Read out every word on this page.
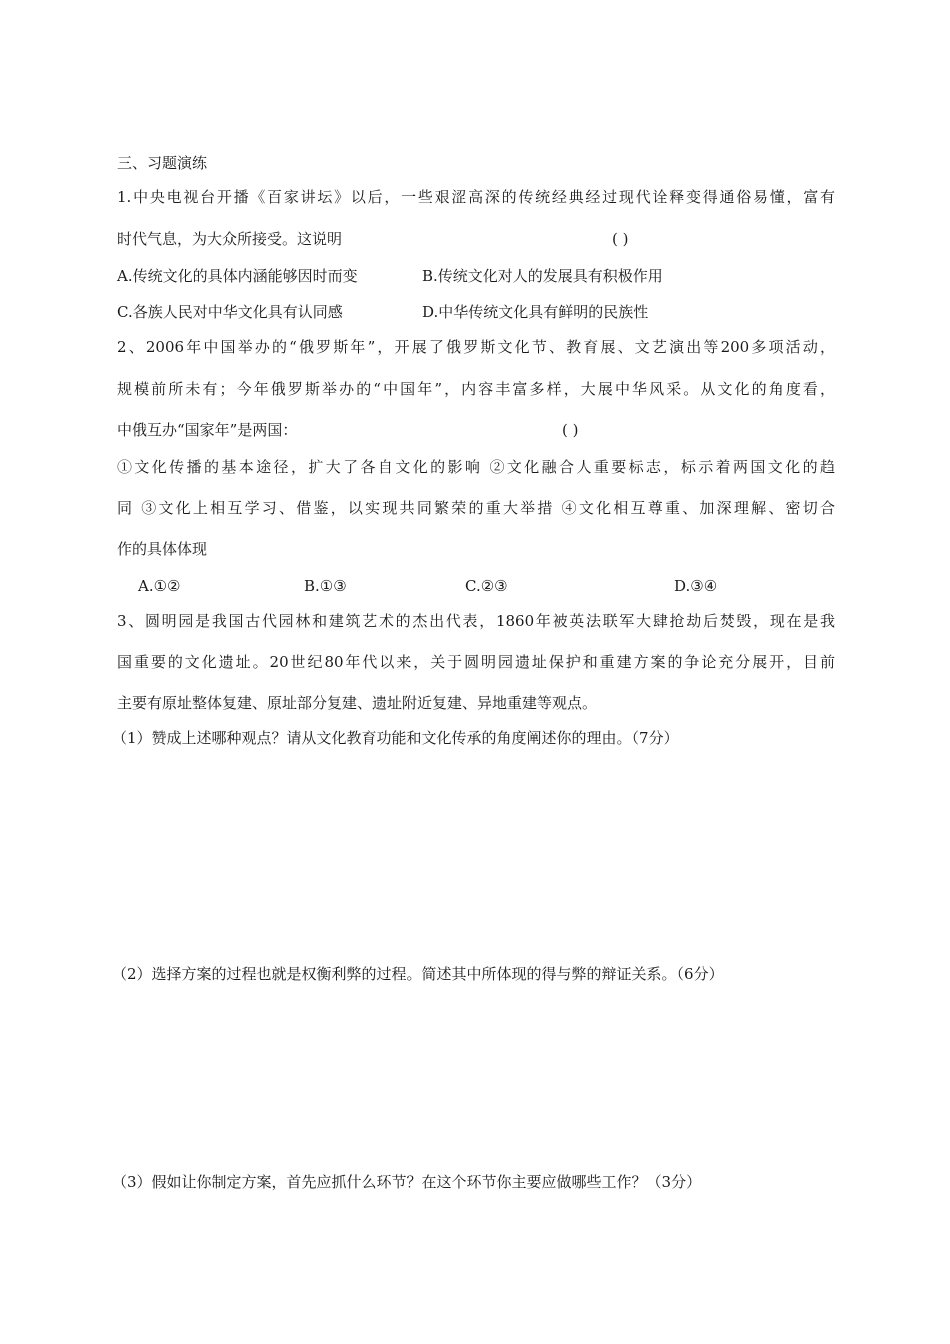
三、习题演练
1.中央电视台开播《百家讲坛》以后，一些艰涩高深的传统经典经过现代诠释变得通俗易懂，富有
时代气息，为大众所接受。这说明	( )
A.传统文化的具体内涵能够因时而变	B.传统文化对人的发展具有积极作用
C.各族人民对中华文化具有认同感	D.中华传统文化具有鲜明的民族性
2、2006年中国举办的“俄罗斯年”，开展了俄罗斯文化节、教育展、文艺演出等200多项活动，
规模前所未有；今年俄罗斯举办的“中国年”，内容丰富多样，大展中华风采。从文化的角度看，
中俄互办“国家年”是两国：	( )
①文化传播的基本途径，扩大了各自文化的影响 ②文化融合人重要标志，标示着两国文化的趋
同 ③文化上相互学习、借鉴，以实现共同繁荣的重大举措 ④文化相互尊重、加深理解、密切合
作的具体体现
A.①②	B.①③	C.②③	D.③④
3、圆明园是我国古代园林和建筑艺术的杰出代表，1860年被英法联军大肆抢劫后焚毁，现在是我
国重要的文化遗址。20世纪80年代以来，关于圆明园遗址保护和重建方案的争论充分展开，目前
主要有原址整体复建、原址部分复建、遗址附近复建、异地重建等观点。
（1）赞成上述哪种观点？请从文化教育功能和文化传承的角度阐述你的理由。（7分）
（2）选择方案的过程也就是权衡利弊的过程。简述其中所体现的得与弊的辩证关系。（6分）
（3）假如让你制定方案，首先应抓什么环节？在这个环节你主要应做哪些工作？（3分）
